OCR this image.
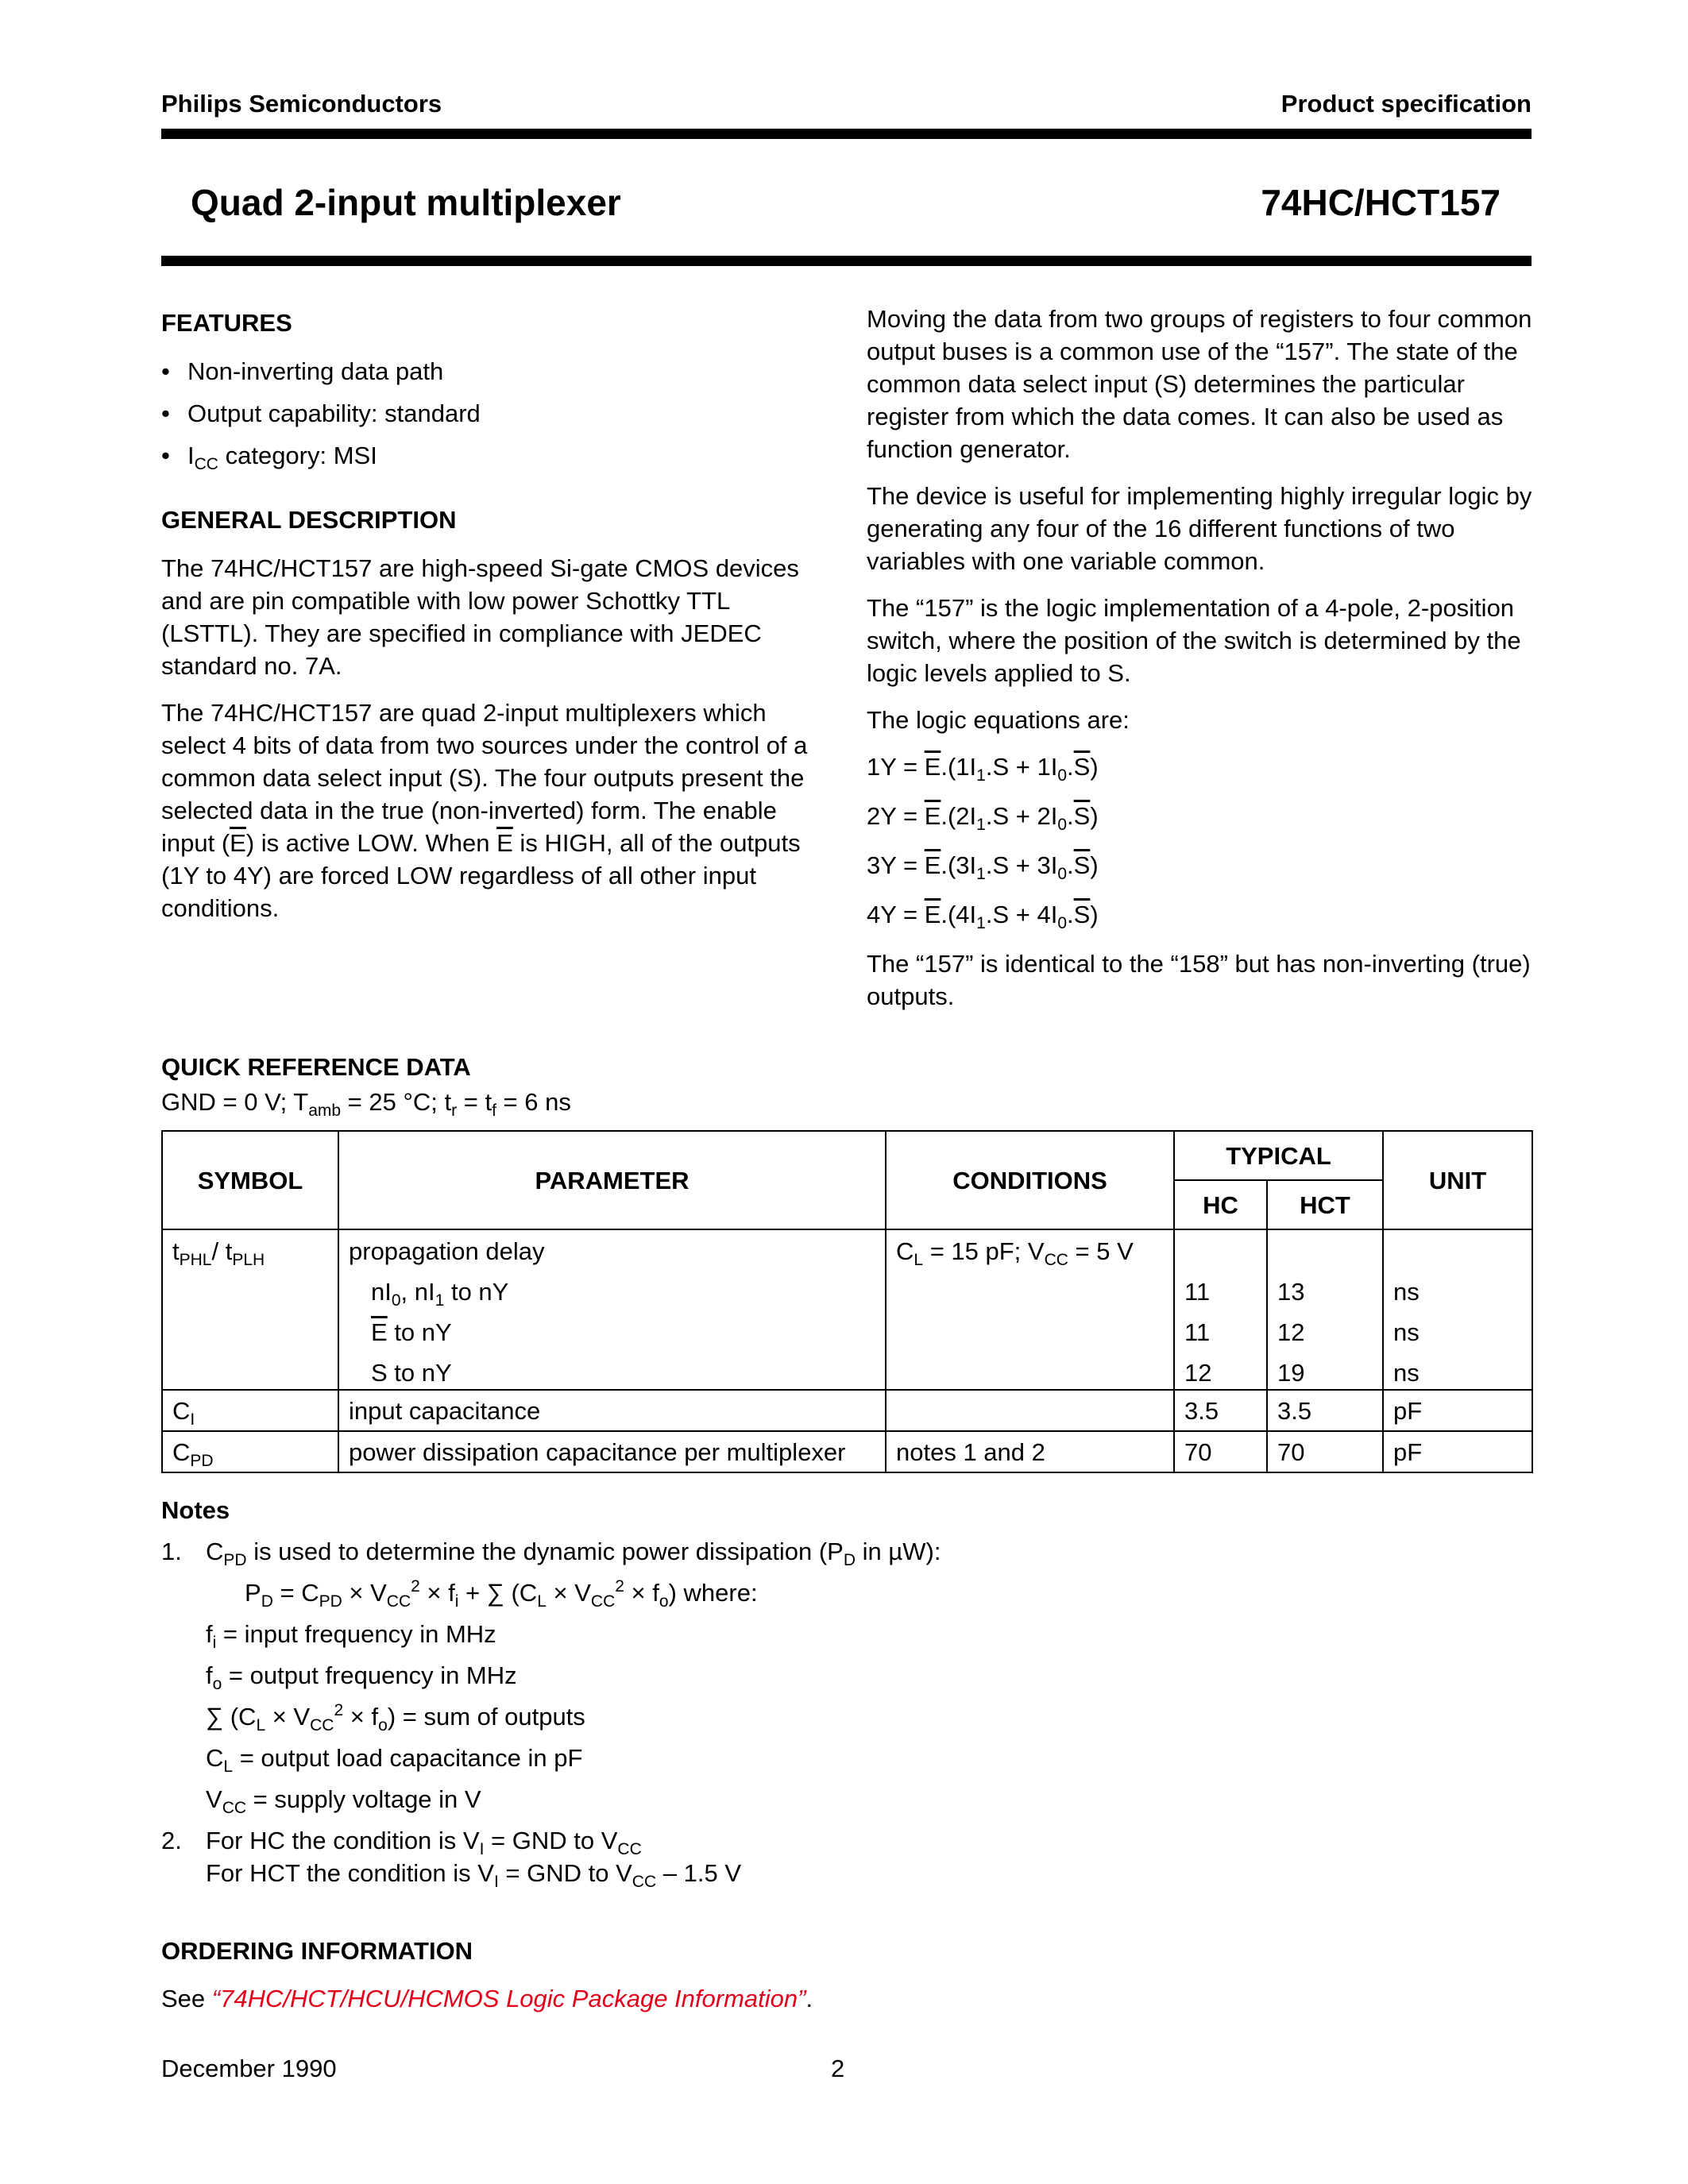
Philips Semiconductors	Product specification
Quad 2-input multiplexer	74HC/HCT157

FEATURES

• Non-inverting data path
• Output capability: standard
• $I_{CC}$ category: MSI

GENERAL DESCRIPTION

The 74HC/HCT157 are high-speed Si-gate CMOS devices and are pin compatible with low power Schottky TTL (LSTTL). They are specified in compliance with JEDEC standard no. 7A.

The 74HC/HCT157 are quad 2-input multiplexers which select 4 bits of data from two sources under the control of a common data select input (S). The four outputs present the selected data in the true (non-inverted) form. The enable input $(\overline{E})$ is active LOW. When $\overline{E}$ is HIGH, all of the outputs (1Y to 4Y) are forced LOW regardless of all other input conditions.

Moving the data from two groups of registers to four common output buses is a common use of the “157”. The state of the common data select input (S) determines the particular register from which the data comes. It can also be used as function generator.

The device is useful for implementing highly irregular logic by generating any four of the 16 different functions of two variables with one variable common.

The “157” is the logic implementation of a 4-pole, 2-position switch, where the position of the switch is determined by the logic levels applied to S.

The logic equations are:

$1Y = \overline{E}.(1I_1.S + 1I_0.\overline{S})$

$2Y = \overline{E}.(2I_1.S + 2I_0.\overline{S})$

$3Y = \overline{E}.(3I_1.S + 3I_0.\overline{S})$

$4Y = \overline{E}.(4I_1.S + 4I_0.\overline{S})$

The “157” is identical to the “158” but has non-inverting (true) outputs.

QUICK REFERENCE DATA
GND = 0 V; $T_{amb} = 25$ °C; $t_r = t_f = 6$ ns
SYMBOL	PARAMETER	CONDITIONS	TYPICAL		UNIT
			HC	HCT	
$t_{PHL}/$ $t_{PLH}$	propagation delay	$C_L = 15$ pF; $V_{CC} = 5$ V			
	$nI_0$, $nI_1$ to nY		11	13	ns
	$\overline{E}$ to nY		11	12	ns
	S to nY		12	19	ns
$C_I$	input capacitance		3.5	3.5	pF
$C_{PD}$	power dissipation capacitance per multiplexer	notes 1 and 2	70	70	pF

Notes

1. $C_{PD}$ is used to determine the dynamic power dissipation ($P_D$ in µW):

$P_D = C_{PD} \times V_{CC}^2 \times f_i$ + ∑ $(C_L \times V_{CC}^2 \times f_o)$ where:

$f_i$ = input frequency in MHz

$f_o$ = output frequency in MHz

∑ $(C_L \times V_{CC}^2 \times f_o)$ = sum of outputs

$C_L$ = output load capacitance in pF

$V_{CC}$ = supply voltage in V

2. For HC the condition is $V_I$ = GND to $V_{CC}$
For HCT the condition is $V_I$ = GND to $V_{CC} - 1.5$ V
ORDERING INFORMATION
See “74HC/HCT/HCU/HCMOS Logic Package Information”.
December 1990	2
